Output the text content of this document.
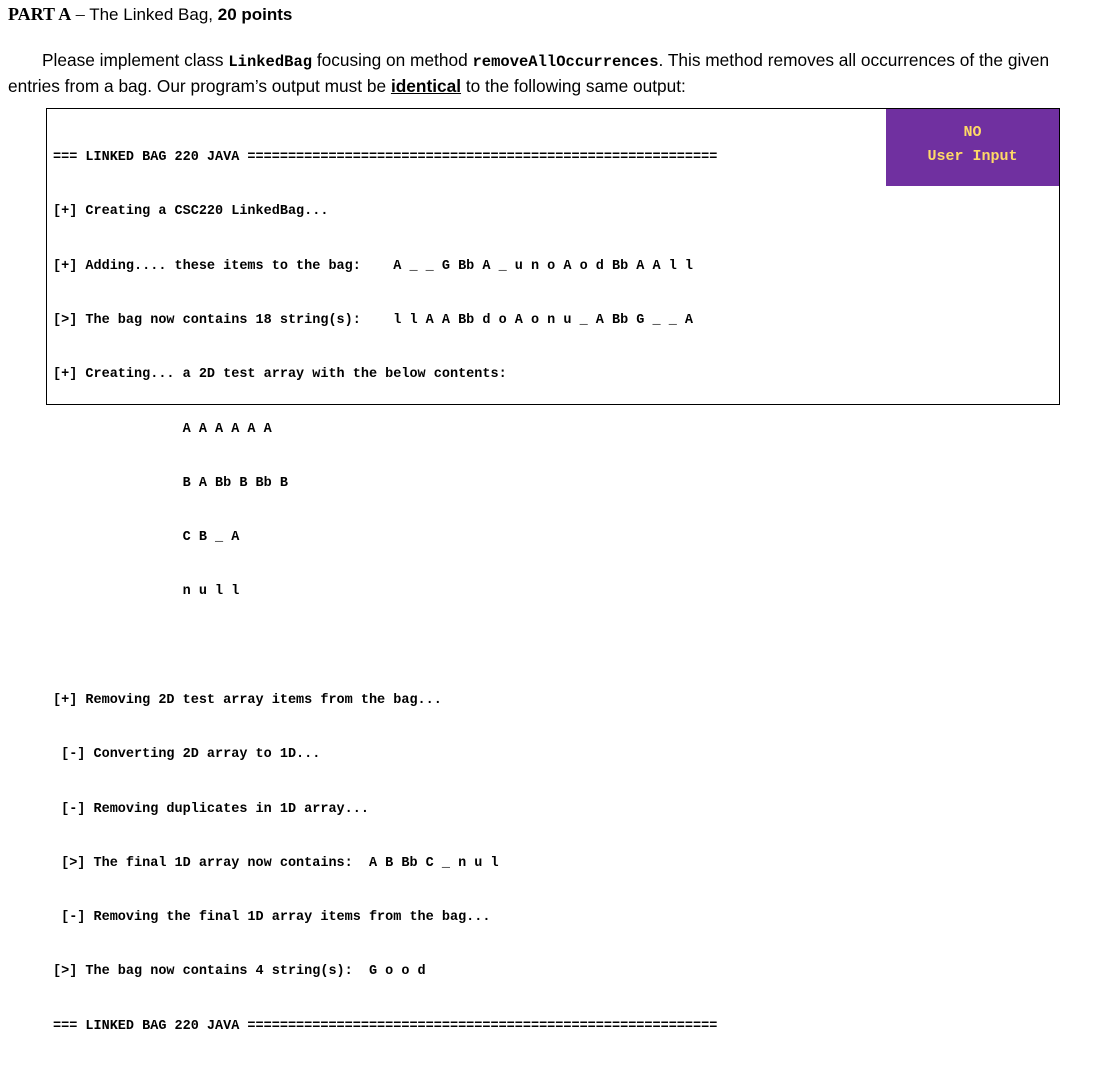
PART A – The Linked Bag, 20 points
Please implement class LinkedBag focusing on method removeAllOccurrences. This method removes all occurrences of the given entries from a bag. Our program’s output must be identical to the following same output:

=== LINKED BAG 220 JAVA ==========================================================

[+] Creating a CSC220 LinkedBag...

[+] Adding.... these items to the bag:    A _ _ G Bb A _ u n o A o d Bb A A l l

[>] The bag now contains 18 string(s):    l l A A Bb d o A o n u _ A Bb G _ _ A

[+] Creating... a 2D test array with the below contents:

A A A A A A

B A Bb B Bb B

C B _ A

n u l l

[+] Removing 2D test array items from the bag...

[-] Converting 2D array to 1D...

[-] Removing duplicates in 1D array...

[>] The final 1D array now contains:  A B Bb C _ n u l

[-] Removing the final 1D array items from the bag...

[>] The bag now contains 4 string(s):  G o o d

=== LINKED BAG 220 JAVA ==========================================================

NO
User Input
